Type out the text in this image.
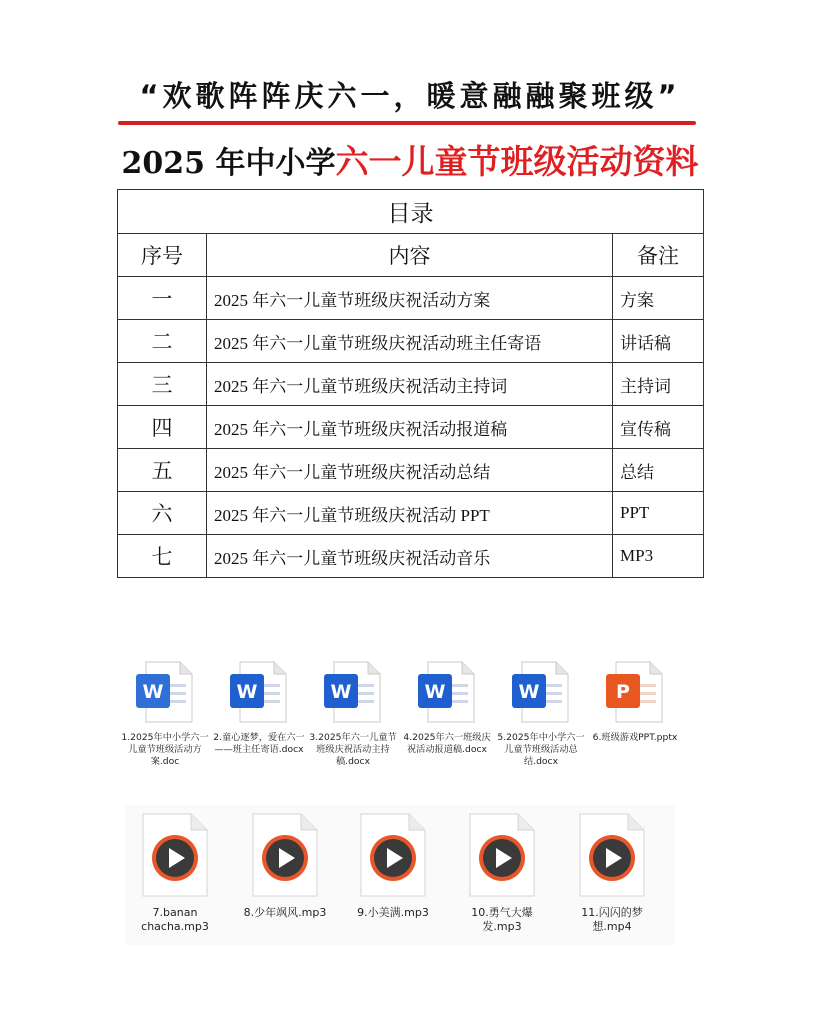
“欢歌阵阵庆六一，暖意融融聚班级”
2025 年中小学六一儿童节班级活动资料
目录		
序号	内容	备注
一	2025 年六一儿童节班级庆祝活动方案	方案
二	2025 年六一儿童节班级庆祝活动班主任寄语	讲话稿
三	2025 年六一儿童节班级庆祝活动主持词	主持词
四	2025 年六一儿童节班级庆祝活动报道稿	宣传稿
五	2025 年六一儿童节班级庆祝活动总结	总结
六	2025 年六一儿童节班级庆祝活动 PPT	PPT
七	2025 年六一儿童节班级庆祝活动音乐	MP3
W
1.2025年中小学六一儿童节班级活动方案.doc
W
2.童心逐梦，爱在六一——班主任寄语.docx
W
3.2025年六一儿童节班级庆祝活动主持稿.docx
W
4.2025年六一班级庆祝活动报道稿.docx
W
5.2025年中小学六一儿童节班级活动总结.docx
P
6.班级游戏PPT.pptx
7.banan chacha.mp3
8.少年飒风.mp3	9.小美满.mp3	10.勇气大爆发.mp3
11.闪闪的梦想.mp4
